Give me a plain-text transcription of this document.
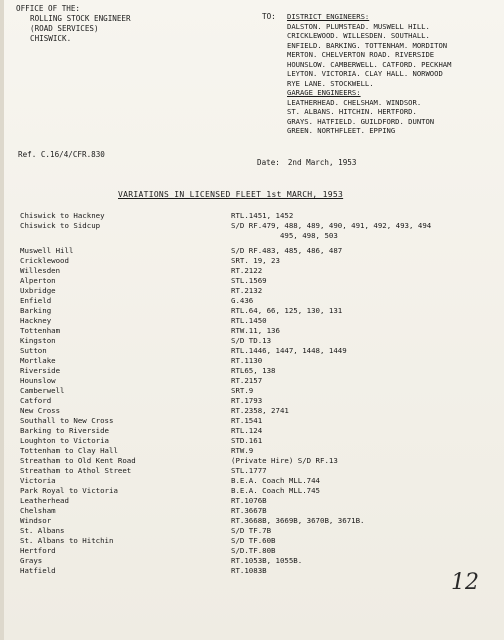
OFFICE OF THE:
ROLLING STOCK ENGINEER
(ROAD SERVICES)
CHISWICK.
TO: DISTRICT ENGINEERS:
DALSTON. PLUMSTEAD. MUSWELL HILL.
CRICKLEWOOD. WILLESDEN. SOUTHALL.
ENFIELD. BARKING. TOTTENHAM. MORDITON
MERTON. CHELVERTON ROAD. RIVERSIDE
HOUNSLOW. CAMBERWELL. CATFORD. PECKHAM
LEYTON. VICTORIA. CLAY HALL. NORWOOD
RYE LANE. STOCKWELL.
GARAGE ENGINEERS:
LEATHERHEAD. CHELSHAM. WINDSOR.
ST. ALBANS. HITCHIN. HERTFORD.
GRAYS. HATFIELD. GUILDFORD. DUNTON
GREEN. NORTHFLEET. EPPING
Ref. C.16/4/CFR.830
Date: 2nd March, 1953
VARIATIONS IN LICENSED FLEET 1st MARCH, 1953
Chiswick to Hackney	RTL.1451, 1452
Chiswick to Sidcup	S/D RF.479, 488, 489, 490, 491, 492, 493, 494
495, 498, 503
Muswell Hill	S/D RF.483, 485, 486, 487
Cricklewood	SRT. 19, 23
Willesden	RT.2122
Alperton	STL.1569
Uxbridge	RT.2132
Enfield	G.436
Barking	RTL.64, 66, 125, 130, 131
Hackney	RTL.1450
Tottenham	RTW.11, 136
Kingston	S/D TD.13
Sutton	RTL.1446, 1447, 1448, 1449
Mortlake	RT.1130
Riverside	RTL65, 138
Hounslow	RT.2157
Camberwell	SRT.9
Catford	RT.1793
New Cross	RT.2358, 2741
Southall to New Cross	RT.1541
Barking to Riverside	RTL.124
Loughton to Victoria	STD.161
Tottenham to Clay Hall	RTW.9
Streatham to Old Kent Road	(Private Hire) S/D RF.13
Streatham to Athol Street	STL.1777
Victoria	B.E.A. Coach MLL.744
Park Royal to Victoria	B.E.A. Coach MLL.745
Leatherhead	RT.1076B
Chelsham	RT.3667B
Windsor	RT.3668B, 3669B, 3670B, 3671B.
St. Albans	S/D TF.7B
St. Albans to Hitchin	S/D TF.60B
Hertford	S/D.TF.80B
Grays	RT.1053B, 1055B.
Hatfield	RT.1083B	12
